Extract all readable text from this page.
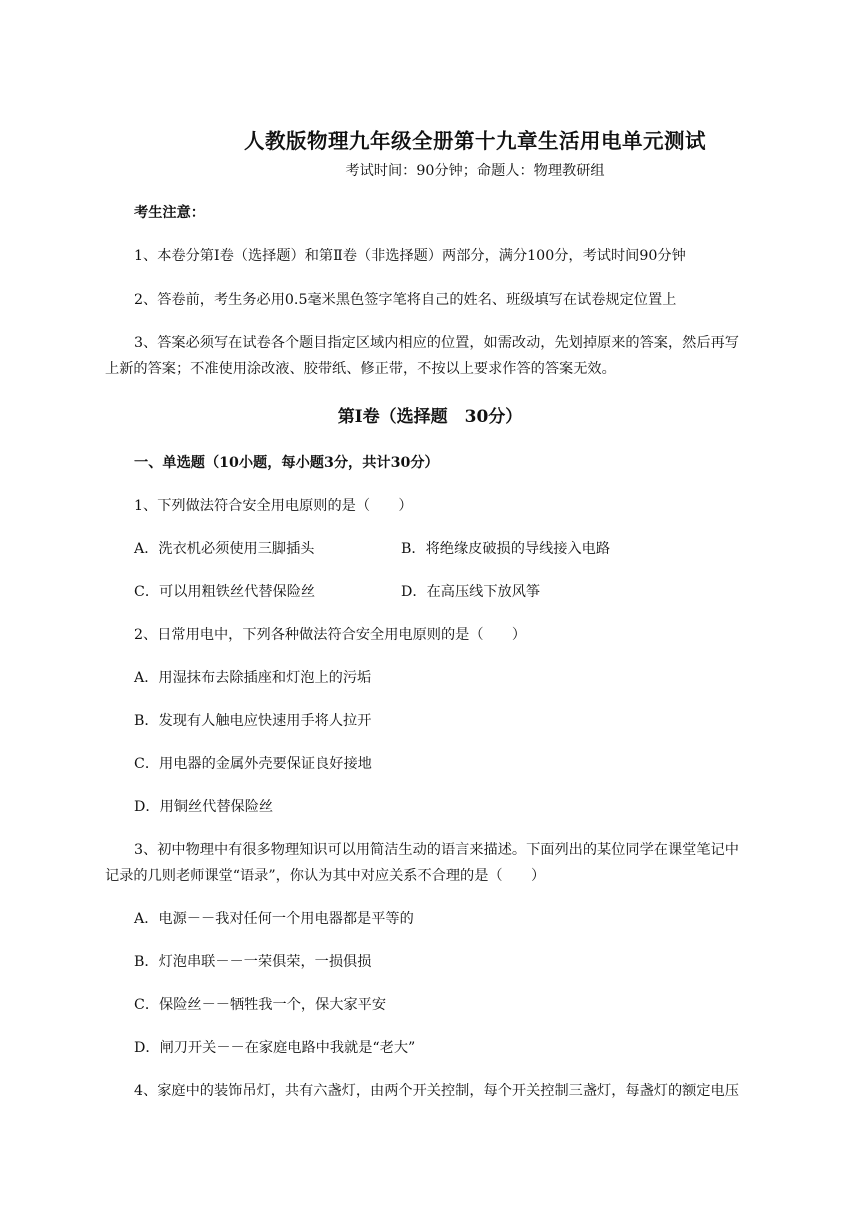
人教版物理九年级全册第十九章生活用电单元测试
考试时间：90分钟；命题人：物理教研组
考生注意：
1、本卷分第Ⅰ卷（选择题）和第Ⅱ卷（非选择题）两部分，满分100分，考试时间90分钟
2、答卷前，考生务必用0.5毫米黑色签字笔将自己的姓名、班级填写在试卷规定位置上
3、答案必须写在试卷各个题目指定区域内相应的位置，如需改动，先划掉原来的答案，然后再写
上新的答案；不准使用涂改液、胶带纸、修正带，不按以上要求作答的答案无效。
第Ⅰ卷（选择题　30分）
一、单选题（10小题，每小题3分，共计30分）
1、下列做法符合安全用电原则的是（　　）
A．洗衣机必须使用三脚插头	B．将绝缘皮破损的导线接入电路
C．可以用粗铁丝代替保险丝	D．在高压线下放风筝
2、日常用电中，下列各种做法符合安全用电原则的是（　　）
A．用湿抹布去除插座和灯泡上的污垢
B．发现有人触电应快速用手将人拉开
C．用电器的金属外壳要保证良好接地
D．用铜丝代替保险丝
3、初中物理中有很多物理知识可以用简洁生动的语言来描述。下面列出的某位同学在课堂笔记中
记录的几则老师课堂“语录”，你认为其中对应关系不合理的是（　　）
A．电源－－我对任何一个用电器都是平等的
B．灯泡串联－－一荣俱荣，一损俱损
C．保险丝－－牺牲我一个，保大家平安
D．闸刀开关－－在家庭电路中我就是“老大”
4、家庭中的装饰吊灯，共有六盏灯，由两个开关控制，每个开关控制三盏灯，每盏灯的额定电压
